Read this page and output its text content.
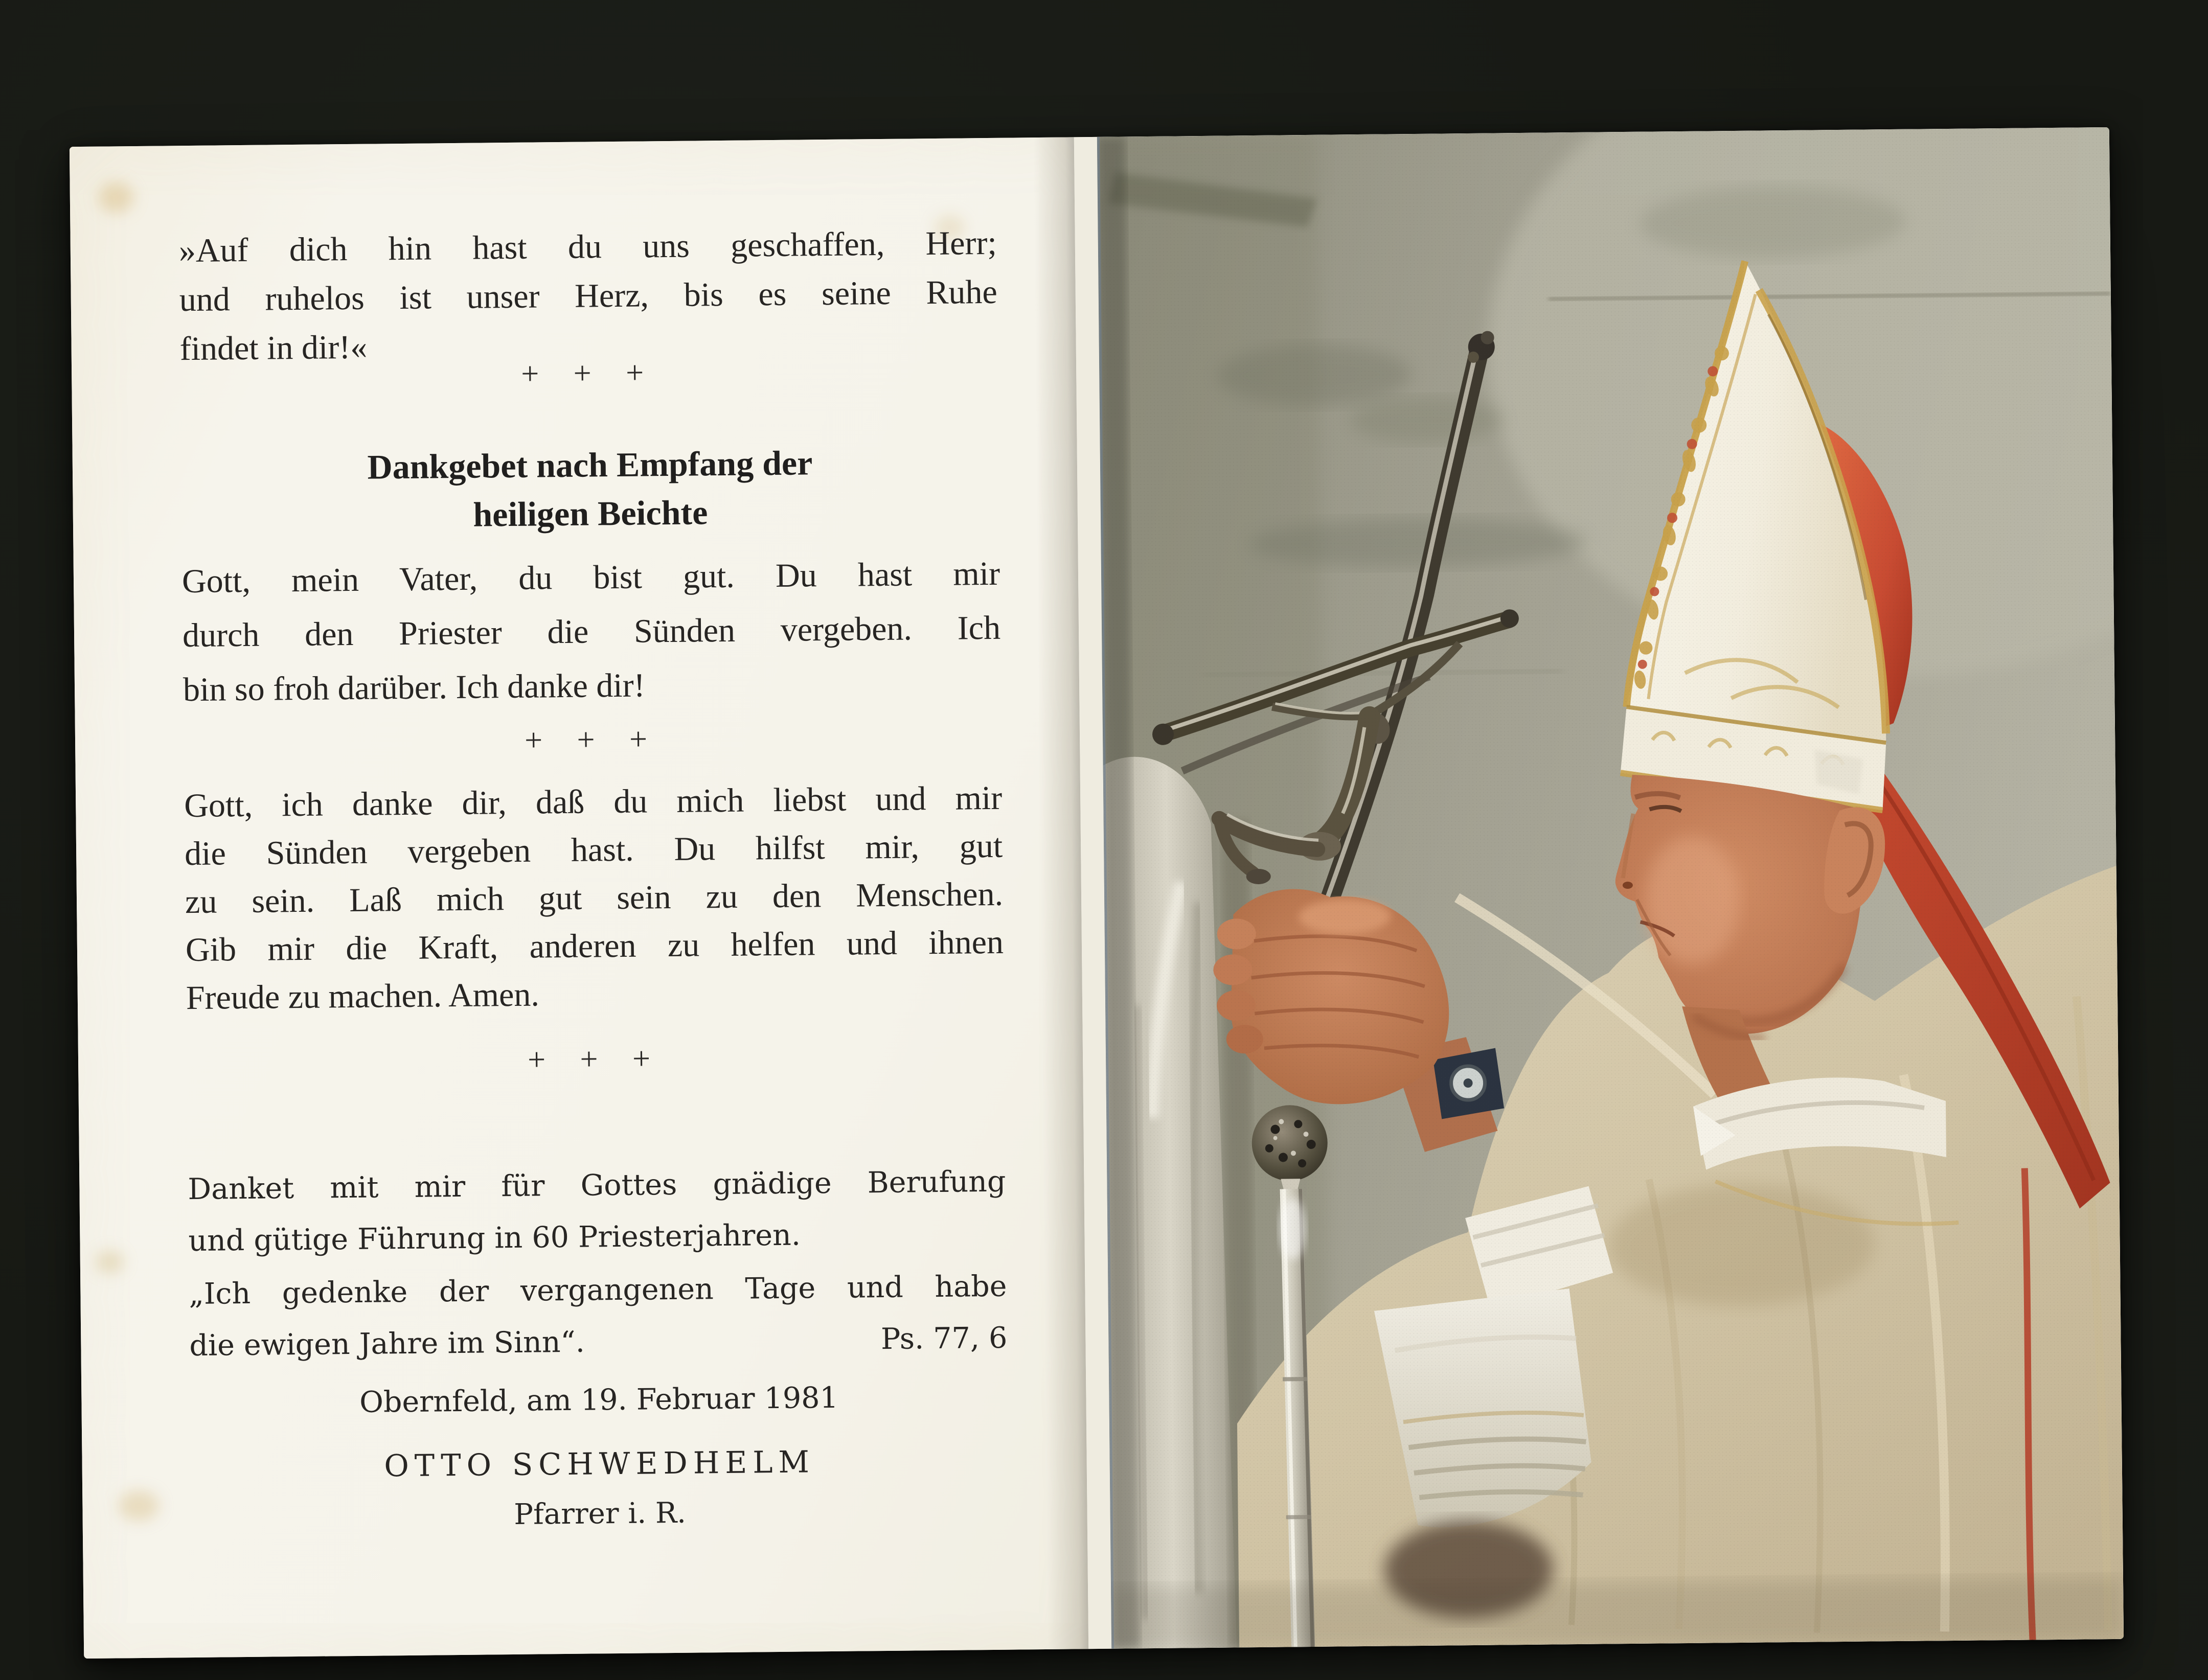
»Auf dich hin hast du uns geschaffen, Herr;
und ruhelos ist unser Herz, bis es seine Ruhe
findet in dir!«
+ + +
Dankgebet nach Empfang der
heiligen Beichte
Gott, mein Vater, du bist gut. Du hast mir
durch den Priester die Sünden vergeben. Ich
bin so froh darüber. Ich danke dir!
+ + +
Gott, ich danke dir, daß du mich liebst und mir
die Sünden vergeben hast. Du hilfst mir, gut
zu sein. Laß mich gut sein zu den Menschen.
Gib mir die Kraft, anderen zu helfen und ihnen
Freude zu machen. Amen.
+ + +
Danket mit mir für Gottes gnädige Berufung
und gütige Führung in 60 Priesterjahren.
„Ich gedenke der vergangenen Tage und habe
die ewigen Jahre im Sinn“.	Ps. 77, 6
Obernfeld, am 19. Februar 1981
OTTO SCHWEDHELM
Pfarrer i. R.
